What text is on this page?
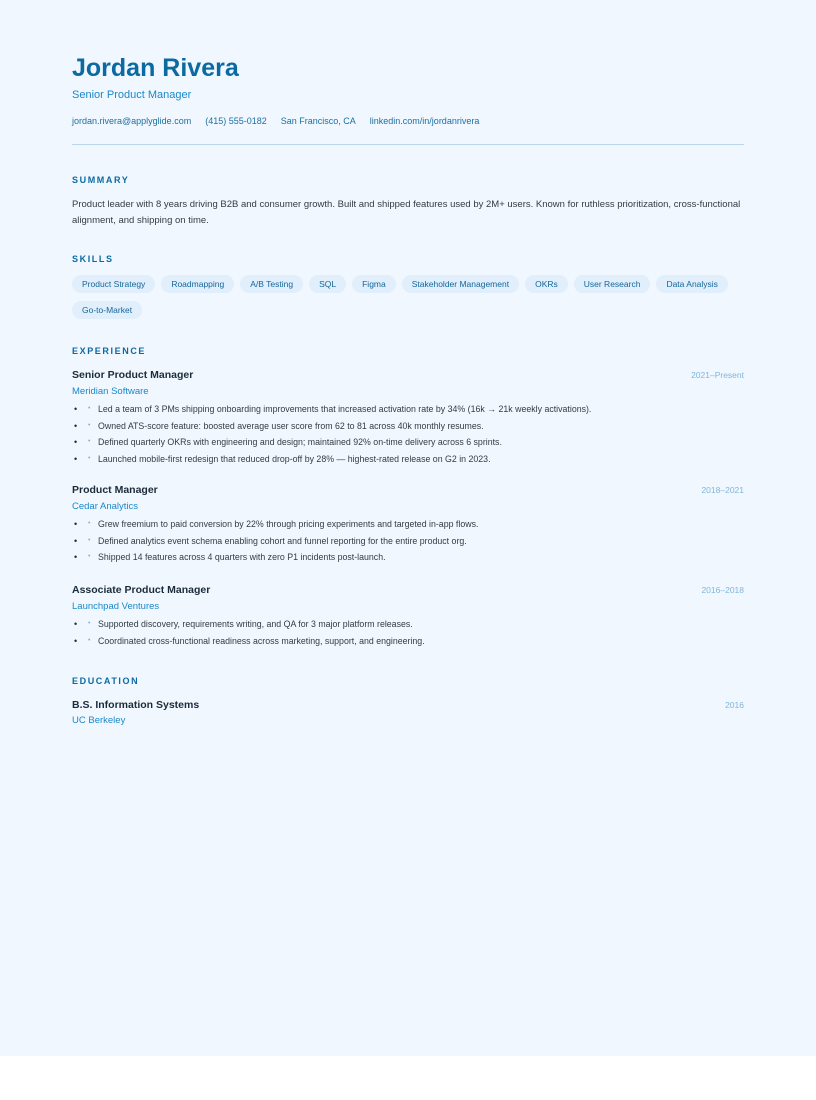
Jordan Rivera
Senior Product Manager
jordan.rivera@applyglide.com (415) 555-0182 San Francisco, CA linkedin.com/in/jordanrivera
SUMMARY

Product leader with 8 years driving B2B and consumer growth. Built and shipped features used by 2M+ users. Known for ruthless prioritization, cross-functional alignment, and shipping on time.

SKILLS
Product Strategy	Roadmapping	A/B Testing	SQL	Figma	Stakeholder Management	OKRs	User Research	Data Analysis
Go-to-Market
EXPERIENCE
Senior Product Manager	2021–Present
Meridian Software
• Led a team of 3 PMs shipping onboarding improvements that increased activation rate by 34% (16k → 21k weekly activations). •
• Owned ATS-score feature: boosted average user score from 62 to 81 across 40k monthly resumes. •
• Defined quarterly OKRs with engineering and design; maintained 92% on-time delivery across 6 sprints. •
• Launched mobile-first redesign that reduced drop-off by 28% — highest-rated release on G2 in 2023. •
Product Manager	2018–2021
Cedar Analytics
• Grew freemium to paid conversion by 22% through pricing experiments and targeted in-app flows. •
• Defined analytics event schema enabling cohort and funnel reporting for the entire product org. •
• Shipped 14 features across 4 quarters with zero P1 incidents post-launch. •
Associate Product Manager	2016–2018
Launchpad Ventures
• Supported discovery, requirements writing, and QA for 3 major platform releases. •
• Coordinated cross-functional readiness across marketing, support, and engineering. •
EDUCATION
B.S. Information Systems	2016
UC Berkeley
